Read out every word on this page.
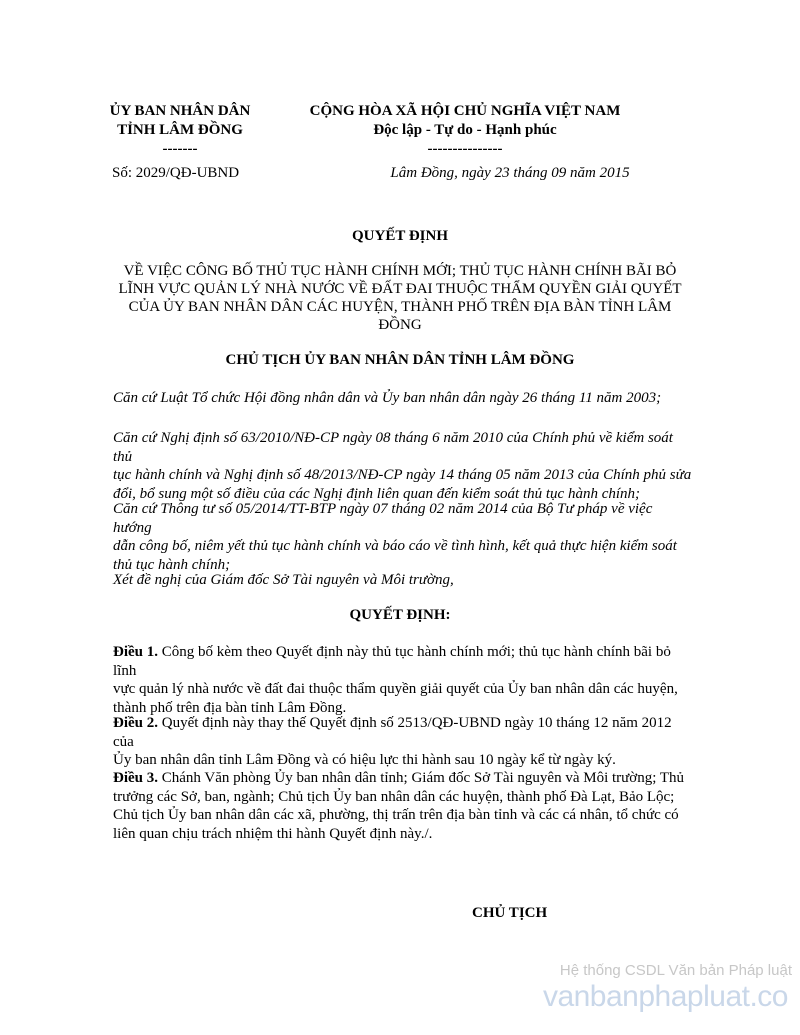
ỦY BAN NHÂN DÂN
TỈNH LÂM ĐỒNG
-------
CỘNG HÒA XÃ HỘI CHỦ NGHĨA VIỆT NAM
Độc lập - Tự do - Hạnh phúc
---------------
Số: 2029/QĐ-UBND	Lâm Đồng, ngày 23 tháng 09 năm 2015
QUYẾT ĐỊNH
VỀ VIỆC CÔNG BỐ THỦ TỤC HÀNH CHÍNH MỚI; THỦ TỤC HÀNH CHÍNH BÃI BỎ
LĨNH VỰC QUẢN LÝ NHÀ NƯỚC VỀ ĐẤT ĐAI THUỘC THẨM QUYỀN GIẢI QUYẾT
CỦA ỦY BAN NHÂN DÂN CÁC HUYỆN, THÀNH PHỐ TRÊN ĐỊA BÀN TỈNH LÂM
ĐỒNG
CHỦ TỊCH ỦY BAN NHÂN DÂN TỈNH LÂM ĐỒNG
Căn cứ Luật Tổ chức Hội đồng nhân dân và Ủy ban nhân dân ngày 26 tháng 11 năm 2003;
Căn cứ Nghị định số 63/2010/NĐ-CP ngày 08 tháng 6 năm 2010 của Chính phủ về kiểm soát thủ
tục hành chính và Nghị định số 48/2013/NĐ-CP ngày 14 tháng 05 năm 2013 của Chính phủ sửa
đổi, bổ sung một số điều của các Nghị định liên quan đến kiểm soát thủ tục hành chính;
Căn cứ Thông tư số 05/2014/TT-BTP ngày 07 tháng 02 năm 2014 của Bộ Tư pháp về việc hướng
dẫn công bố, niêm yết thủ tục hành chính và báo cáo về tình hình, kết quả thực hiện kiểm soát
thủ tục hành chính;
Xét đề nghị của Giám đốc Sở Tài nguyên và Môi trường,
QUYẾT ĐỊNH:
Điều 1. Công bố kèm theo Quyết định này thủ tục hành chính mới; thủ tục hành chính bãi bỏ lĩnh
vực quản lý nhà nước về đất đai thuộc thẩm quyền giải quyết của Ủy ban nhân dân các huyện,
thành phố trên địa bàn tỉnh Lâm Đồng.
Điều 2. Quyết định này thay thế Quyết định số 2513/QĐ-UBND ngày 10 tháng 12 năm 2012 của
Ủy ban nhân dân tỉnh Lâm Đồng và có hiệu lực thi hành sau 10 ngày kể từ ngày ký.
Điều 3. Chánh Văn phòng Ủy ban nhân dân tỉnh; Giám đốc Sở Tài nguyên và Môi trường; Thủ
trưởng các Sở, ban, ngành; Chủ tịch Ủy ban nhân dân các huyện, thành phố Đà Lạt, Bảo Lộc;
Chủ tịch Ủy ban nhân dân các xã, phường, thị trấn trên địa bàn tỉnh và các cá nhân, tổ chức có
liên quan chịu trách nhiệm thi hành Quyết định này./.
CHỦ TỊCH
Hệ thống CSDL Văn bản Pháp luật
vanbanphapluat.co
